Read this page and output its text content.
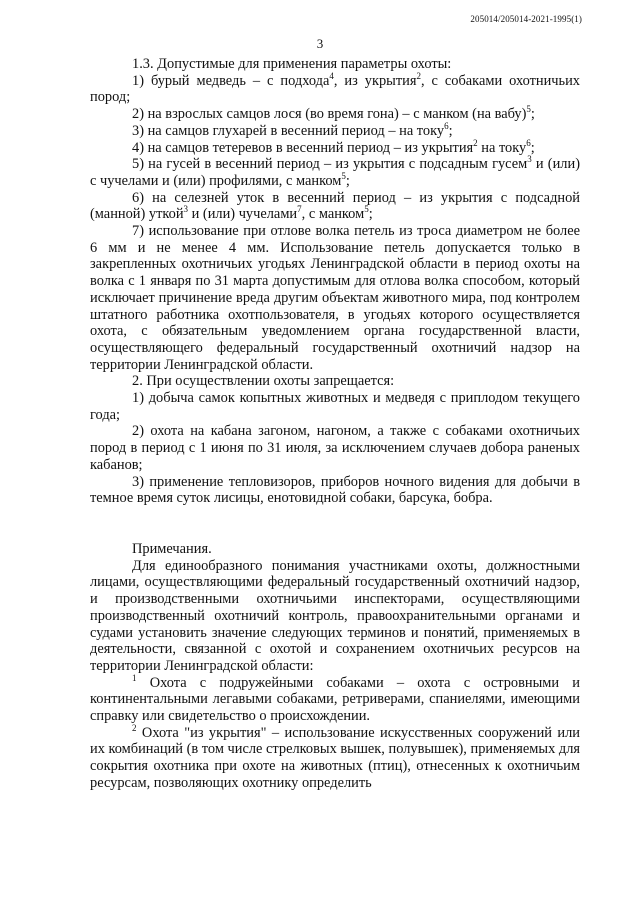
205014/205014-2021-1995(1)
3

1.3. Допустимые для применения параметры охоты:

1) бурый медведь – с подхода$^4$, из укрытия$^2$, с собаками охотничьих пород;

2) на взрослых самцов лося (во время гона) – с манком (на вабу)$^5$;

3) на самцов глухарей в весенний период – на току$^6$;

4) на самцов тетеревов в весенний период – из укрытия$^2$ на току$^6$;

5) на гусей в весенний период – из укрытия с подсадным гусем$^3$ и (или) с чучелами и (или) профилями, с манком$^5$;

6) на селезней уток в весенний период – из укрытия с подсадной (манной) уткой$^3$ и (или) чучелами$^7$, с манком$^5$;

7) использование при отлове волка петель из троса диаметром не более 6 мм и не менее 4 мм. Использование петель допускается только в закрепленных охотничьих угодьях Ленинградской области в период охоты на волка с 1 января по 31 марта допустимым для отлова волка способом, который исключает причинение вреда другим объектам животного мира, под контролем штатного работника охотпользователя, в угодьях которого осуществляется охота, с обязательным уведомлением органа государственной власти, осуществляющего федеральный государственный охотничий надзор на территории Ленинградской области.

2. При осуществлении охоты запрещается:

1) добыча самок копытных животных и медведя с приплодом текущего года;

2) охота на кабана загоном, нагоном, а также с собаками охотничьих пород в период с 1 июня по 31 июля, за исключением случаев добора раненых кабанов;

3) применение тепловизоров, приборов ночного видения для добычи в темное время суток лисицы, енотовидной собаки, барсука, бобра.

Примечания.

Для единообразного понимания участниками охоты, должностными лицами, осуществляющими федеральный государственный охотничий надзор, и производственными охотничьими инспекторами, осуществляющими производственный охотничий контроль, правоохранительными органами и судами установить значение следующих терминов и понятий, применяемых в деятельности, связанной с охотой и сохранением охотничьих ресурсов на территории Ленинградской области:

$^1$ Охота с подружейными собаками – охота с островными и континентальными легавыми собаками, ретриверами, спаниелями, имеющими справку или свидетельство о происхождении.

$^2$ Охота "из укрытия" – использование искусственных сооружений или их комбинаций (в том числе стрелковых вышек, полувышек), применяемых для сокрытия охотника при охоте на животных (птиц), отнесенных к охотничьим ресурсам, позволяющих охотнику определить
